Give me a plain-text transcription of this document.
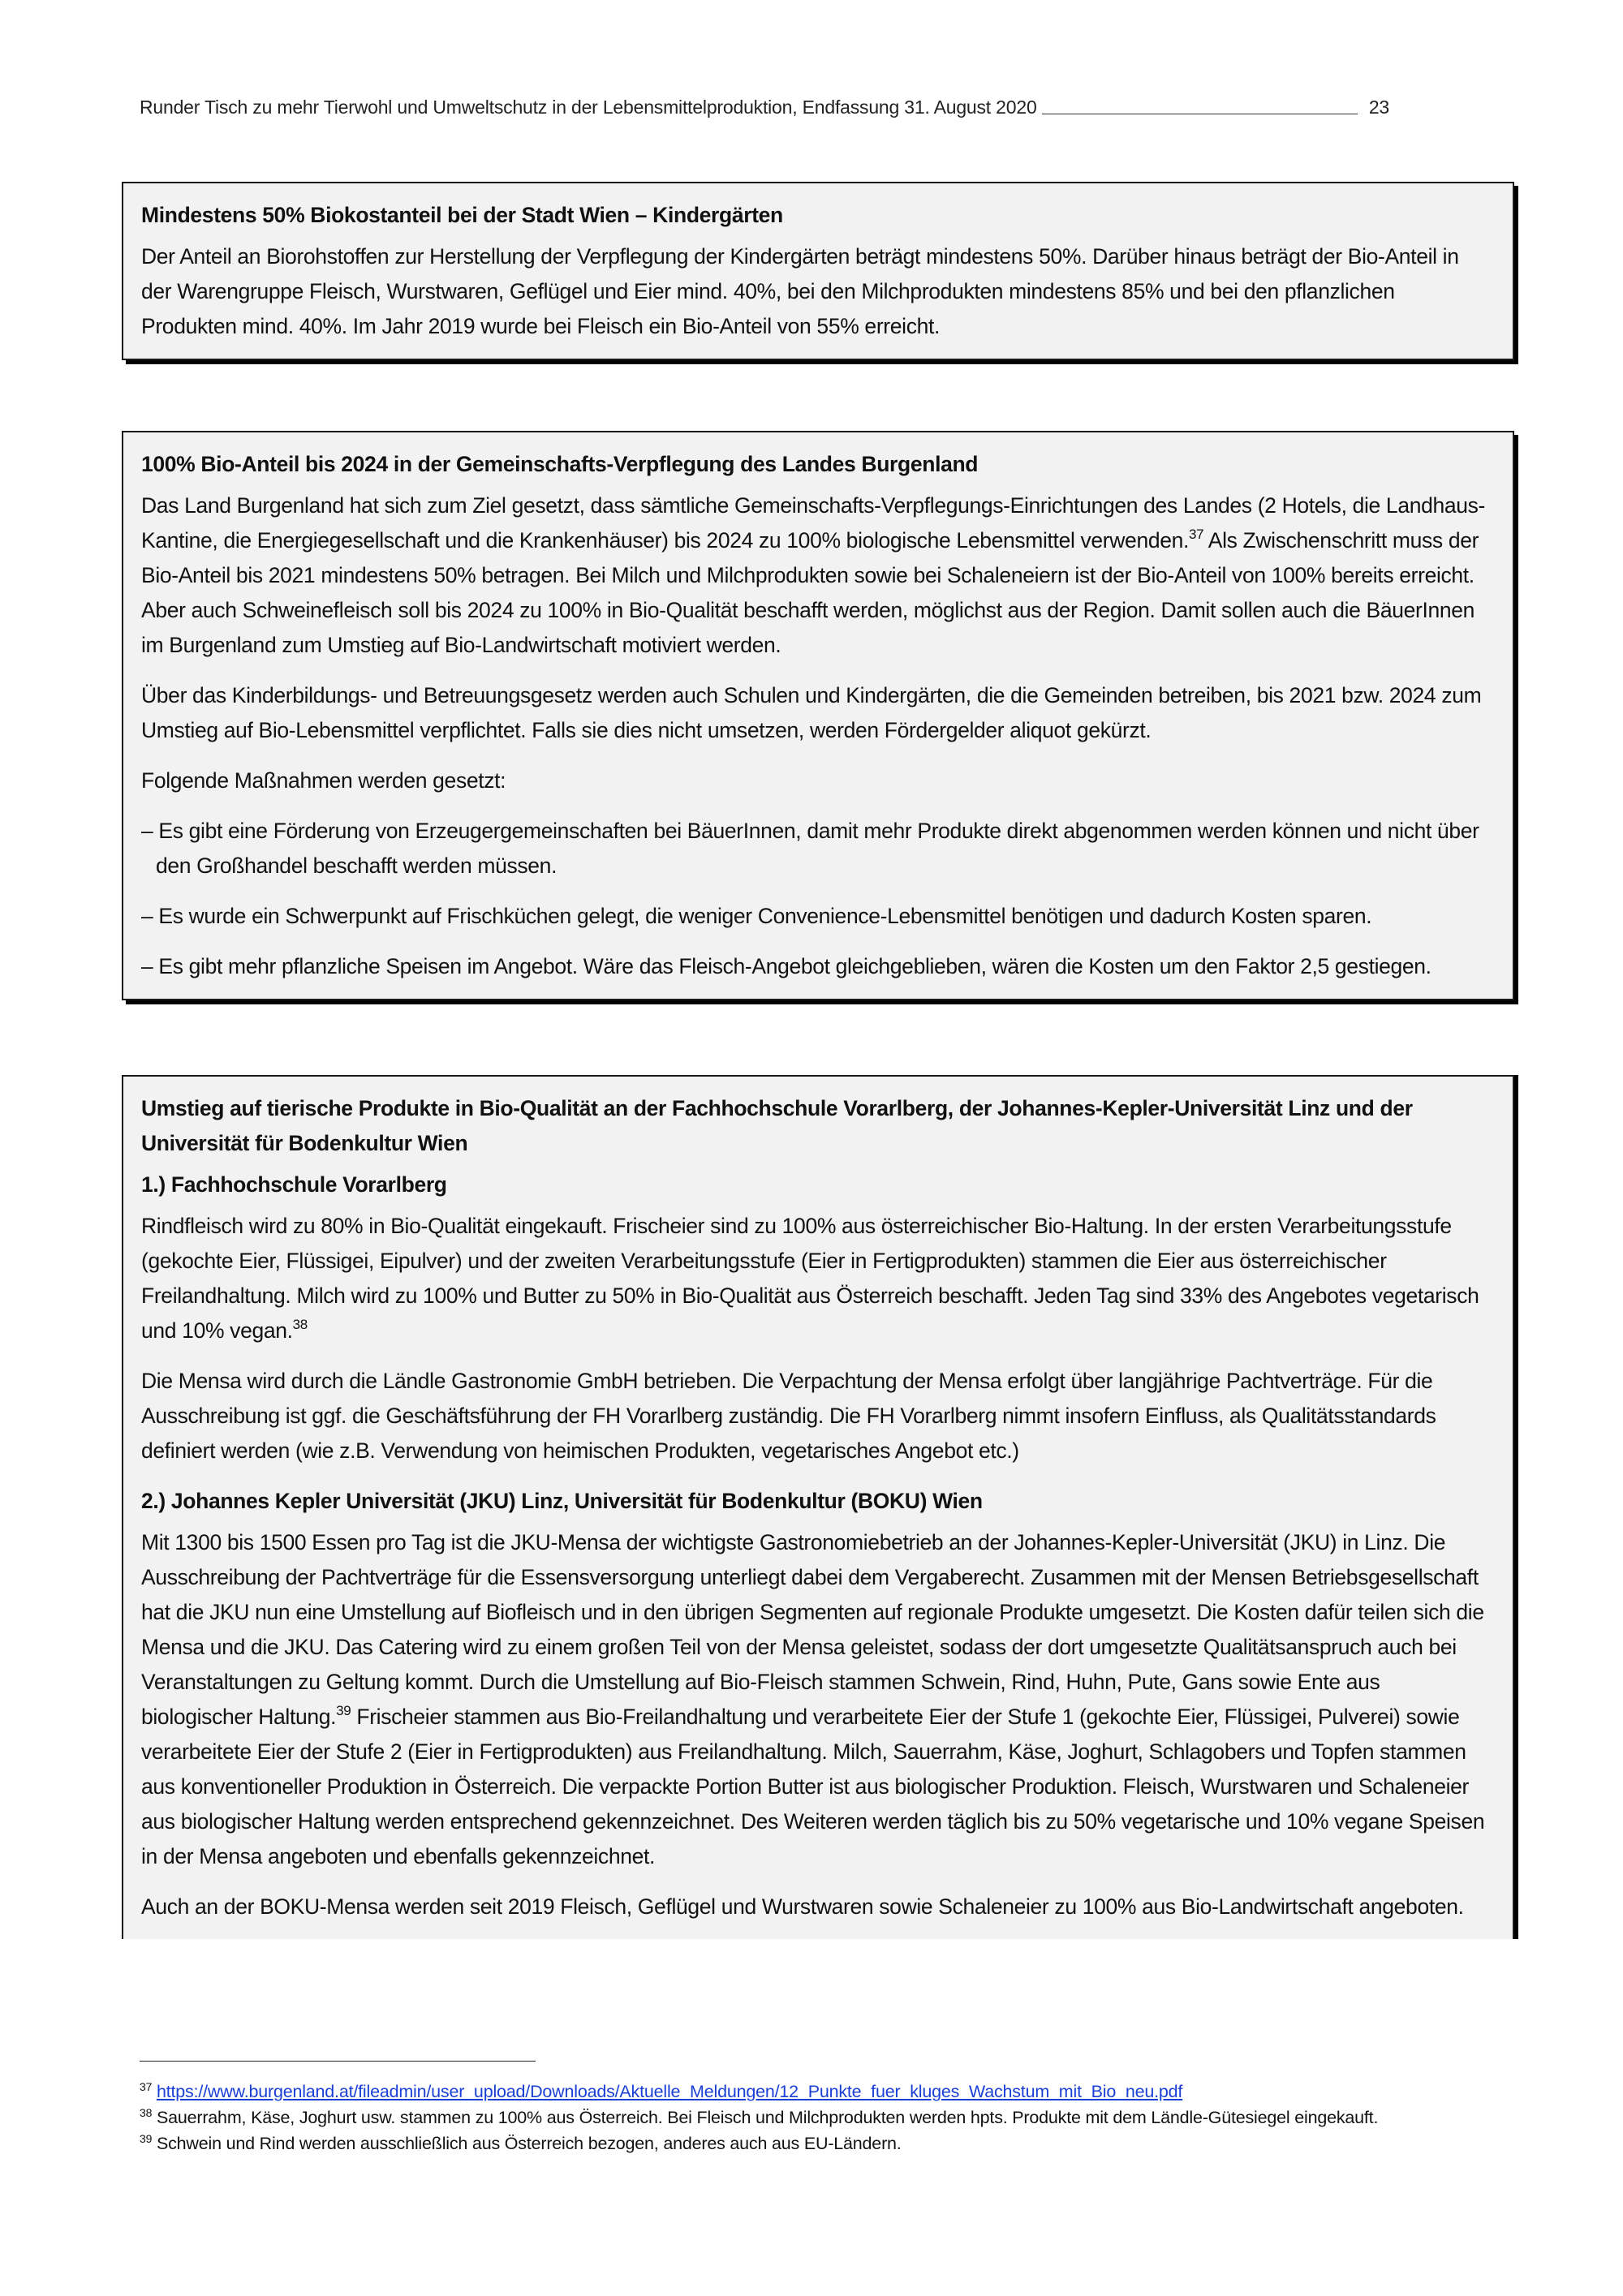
Runder Tisch zu mehr Tierwohl und Umweltschutz in der Lebensmittelproduktion, Endfassung 31. August 2020	23
Mindestens 50% Biokostanteil bei der Stadt Wien – Kindergärten

Der Anteil an Biorohstoffen zur Herstellung der Verpflegung der Kindergärten beträgt mindestens 50%. Darüber hinaus beträgt der Bio-Anteil in der Warengruppe Fleisch, Wurstwaren, Geflügel und Eier mind. 40%, bei den Milchprodukten mindestens 85% und bei den pflanzlichen Produkten mind. 40%. Im Jahr 2019 wurde bei Fleisch ein Bio-Anteil von 55% erreicht.

100% Bio-Anteil bis 2024 in der Gemeinschafts-Verpflegung des Landes Burgenland

Das Land Burgenland hat sich zum Ziel gesetzt, dass sämtliche Gemeinschafts-Verpflegungs-Einrichtungen des Landes (2 Hotels, die Landhaus-Kantine, die Energiegesellschaft und die Krankenhäuser) bis 2024 zu 100% biologische Lebensmittel verwenden.$^{37}$ Als Zwischenschritt muss der Bio-Anteil bis 2021 mindestens 50% betragen. Bei Milch und Milchprodukten sowie bei Schaleneiern ist der Bio-Anteil von 100% bereits erreicht. Aber auch Schweinefleisch soll bis 2024 zu 100% in Bio-Qualität beschafft werden, möglichst aus der Region. Damit sollen auch die BäuerInnen im Burgenland zum Umstieg auf Bio-Landwirtschaft motiviert werden.

Über das Kinderbildungs- und Betreuungsgesetz werden auch Schulen und Kindergärten, die die Gemeinden betreiben, bis 2021 bzw. 2024 zum Umstieg auf Bio-Lebensmittel verpflichtet. Falls sie dies nicht umsetzen, werden Fördergelder aliquot gekürzt.

Folgende Maßnahmen werden gesetzt:

– Es gibt eine Förderung von Erzeugergemeinschaften bei BäuerInnen, damit mehr Produkte direkt abgenommen werden können und nicht über den Großhandel beschafft werden müssen.

– Es wurde ein Schwerpunkt auf Frischküchen gelegt, die weniger Convenience-Lebensmittel benötigen und dadurch Kosten sparen.

– Es gibt mehr pflanzliche Speisen im Angebot. Wäre das Fleisch-Angebot gleichgeblieben, wären die Kosten um den Faktor 2,5 gestiegen.

Umstieg auf tierische Produkte in Bio-Qualität an der Fachhochschule Vorarlberg, der Johannes-Kepler-Universität Linz und der Universität für Bodenkultur Wien
1.) Fachhochschule Vorarlberg

Rindfleisch wird zu 80% in Bio-Qualität eingekauft. Frischeier sind zu 100% aus österreichischer Bio-Haltung. In der ersten Verarbeitungsstufe (gekochte Eier, Flüssigei, Eipulver) und der zweiten Verarbeitungsstufe (Eier in Fertigprodukten) stammen die Eier aus österreichischer Freilandhaltung. Milch wird zu 100% und Butter zu 50% in Bio-Qualität aus Österreich beschafft. Jeden Tag sind 33% des Angebotes vegetarisch und 10% vegan.$^{38}$

Die Mensa wird durch die Ländle Gastronomie GmbH betrieben. Die Verpachtung der Mensa erfolgt über langjährige Pachtverträge. Für die Ausschreibung ist ggf. die Geschäftsführung der FH Vorarlberg zuständig. Die FH Vorarlberg nimmt insofern Einfluss, als Qualitätsstandards definiert werden (wie z.B. Verwendung von heimischen Produkten, vegetarisches Angebot etc.)

2.) Johannes Kepler Universität (JKU) Linz, Universität für Bodenkultur (BOKU) Wien

Mit 1300 bis 1500 Essen pro Tag ist die JKU-Mensa der wichtigste Gastronomiebetrieb an der Johannes-Kepler-Universität (JKU) in Linz. Die Ausschreibung der Pachtverträge für die Essensversorgung unterliegt dabei dem Vergaberecht. Zusammen mit der Mensen Betriebsgesellschaft hat die JKU nun eine Umstellung auf Biofleisch und in den übrigen Segmenten auf regionale Produkte umgesetzt. Die Kosten dafür teilen sich die Mensa und die JKU. Das Catering wird zu einem großen Teil von der Mensa geleistet, sodass der dort umgesetzte Qualitätsanspruch auch bei Veranstaltungen zu Geltung kommt. Durch die Umstellung auf Bio-Fleisch stammen Schwein, Rind, Huhn, Pute, Gans sowie Ente aus biologischer Haltung.$^{39}$ Frischeier stammen aus Bio-Freilandhaltung und verarbeitete Eier der Stufe 1 (gekochte Eier, Flüssigei, Pulverei) sowie verarbeitete Eier der Stufe 2 (Eier in Fertigprodukten) aus Freilandhaltung. Milch, Sauerrahm, Käse, Joghurt, Schlagobers und Topfen stammen aus konventioneller Produktion in Österreich. Die verpackte Portion Butter ist aus biologischer Produktion. Fleisch, Wurstwaren und Schaleneier aus biologischer Haltung werden entsprechend gekennzeichnet. Des Weiteren werden täglich bis zu 50% vegetarische und 10% vegane Speisen in der Mensa angeboten und ebenfalls gekennzeichnet.

Auch an der BOKU-Mensa werden seit 2019 Fleisch, Geflügel und Wurstwaren sowie Schaleneier zu 100% aus Bio-Landwirtschaft angeboten.

$^{37}$ https://www.burgenland.at/fileadmin/user_upload/Downloads/Aktuelle_Meldungen/12_Punkte_fuer_kluges_Wachstum_mit_Bio_neu.pdf
$^{38}$ Sauerrahm, Käse, Joghurt usw. stammen zu 100% aus Österreich. Bei Fleisch und Milchprodukten werden hpts. Produkte mit dem Ländle-Gütesiegel eingekauft.
$^{39}$ Schwein und Rind werden ausschließlich aus Österreich bezogen, anderes auch aus EU-Ländern.
